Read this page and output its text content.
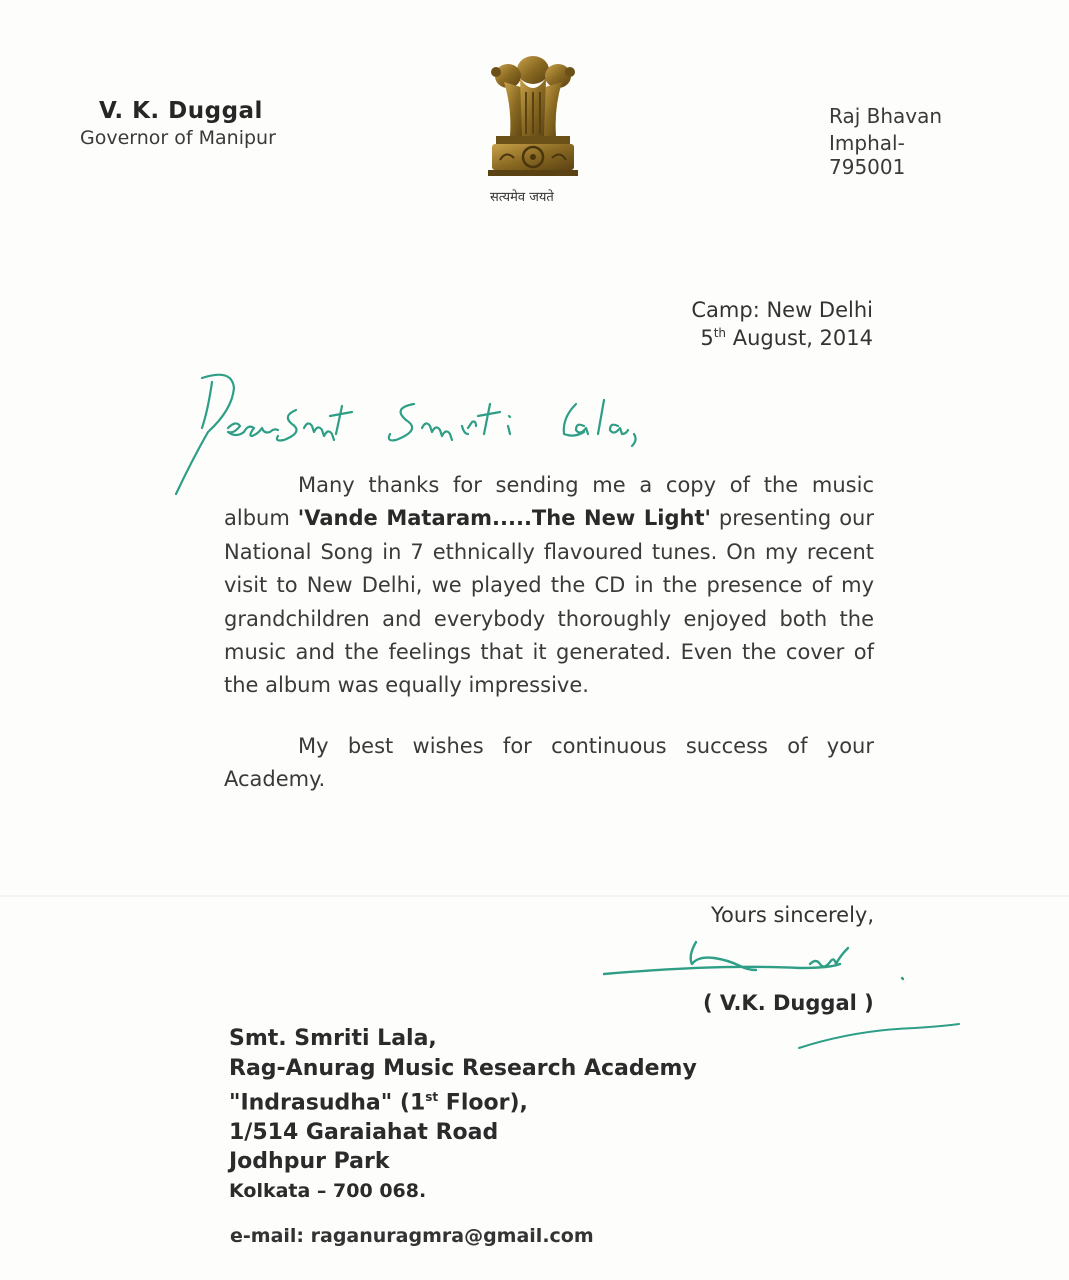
V. K. Duggal
Governor of Manipur
सत्यमेव जयते
Raj Bhavan
Imphal- 795001
Camp: New Delhi
5th August, 2014
Many thanks for sending me a copy of the music album 'Vande Mataram.....The New Light' presenting our National Song in 7 ethnically flavoured tunes. On my recent visit to New Delhi, we played the CD in the presence of my grandchildren and everybody thoroughly enjoyed both the music and the feelings that it generated. Even the cover of the album was equally impressive.
My best wishes for continuous success of your Academy.
Yours sincerely,
( V.K. Duggal )
Smt. Smriti Lala,
Rag-Anurag Music Research Academy
"Indrasudha" (1st Floor),
1/514 Garaiahat Road
Jodhpur Park
Kolkata – 700 068.
e-mail: raganuragmra@gmail.com
